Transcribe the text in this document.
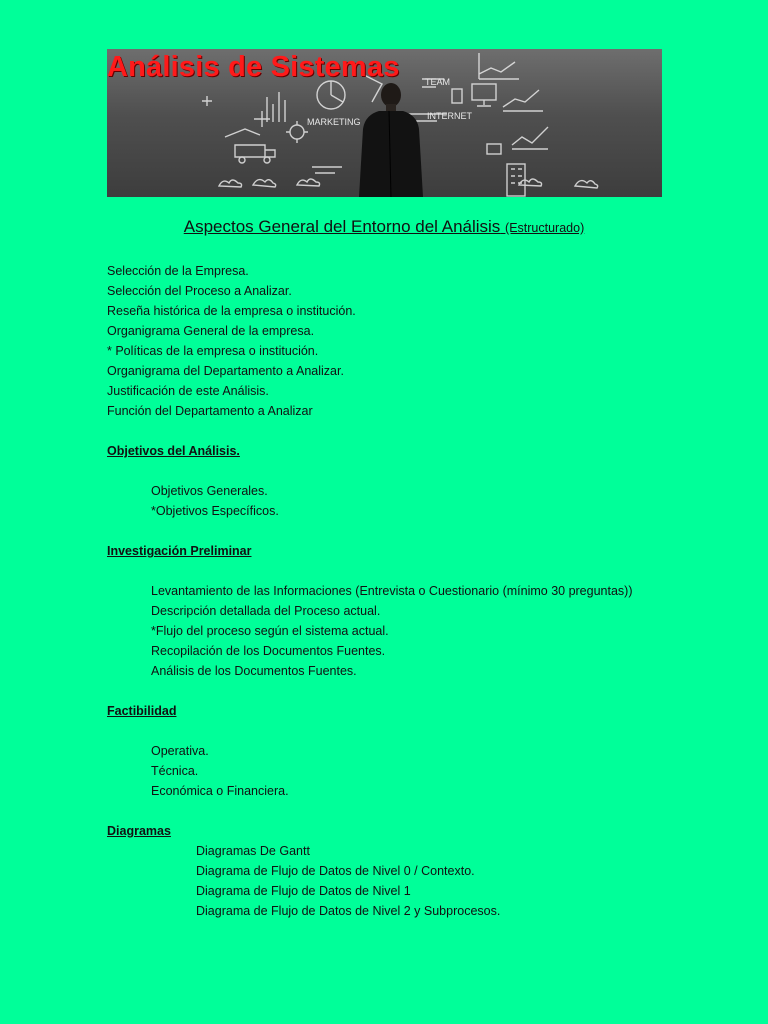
TEAM
INTERNET
MARKETING
Análisis de Sistemas
Aspectos General del Entorno del Análisis (Estructurado)
Selección de la Empresa.
Selección del Proceso a Analizar.
Reseña histórica de la empresa o institución.
Organigrama General de la empresa.
* Políticas de la empresa o institución.
Organigrama del Departamento a Analizar.
Justificación de este Análisis.
Función del Departamento a Analizar
Objetivos del Análisis.
Objetivos Generales.
*Objetivos Específicos.
Investigación Preliminar
Levantamiento de las Informaciones (Entrevista o Cuestionario (mínimo 30 preguntas))
Descripción detallada del Proceso actual.
*Flujo del proceso según el sistema actual.
Recopilación de los Documentos Fuentes.
Análisis de los Documentos Fuentes.
Factibilidad
Operativa.
Técnica.
Económica o Financiera.
Diagramas
Diagramas De Gantt
Diagrama de Flujo de Datos de Nivel 0 / Contexto.
Diagrama de Flujo de Datos de Nivel 1
Diagrama de Flujo de Datos de Nivel 2 y Subprocesos.
